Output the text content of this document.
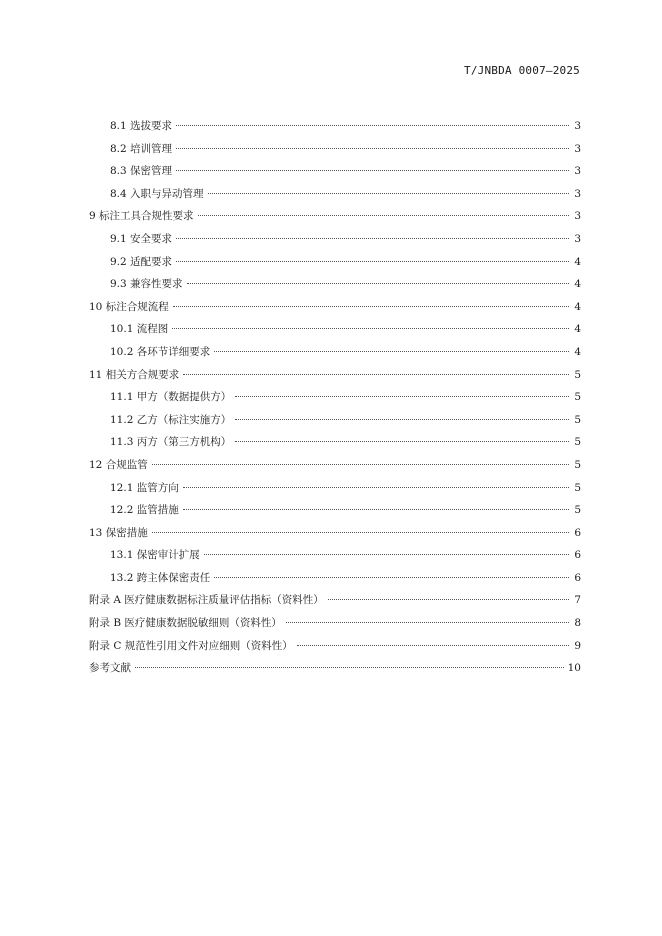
T/JNBDA 0007—2025
8.1 选拔要求	3
8.2 培训管理	3
8.3 保密管理	3
8.4 入职与异动管理	3
9 标注工具合规性要求	3
9.1 安全要求	3
9.2 适配要求	4
9.3 兼容性要求	4
10 标注合规流程	4
10.1 流程图	4
10.2 各环节详细要求	4
11 相关方合规要求	5
11.1 甲方（数据提供方）	5
11.2 乙方（标注实施方）	5
11.3 丙方（第三方机构）	5
12 合规监管	5
12.1 监管方向	5
12.2 监管措施	5
13 保密措施	6
13.1 保密审计扩展	6
13.2 跨主体保密责任	6
附录 A 医疗健康数据标注质量评估指标（资料性）	7
附录 B 医疗健康数据脱敏细则（资料性）	8
附录 C 规范性引用文件对应细则（资料性）	9
参考文献	10
